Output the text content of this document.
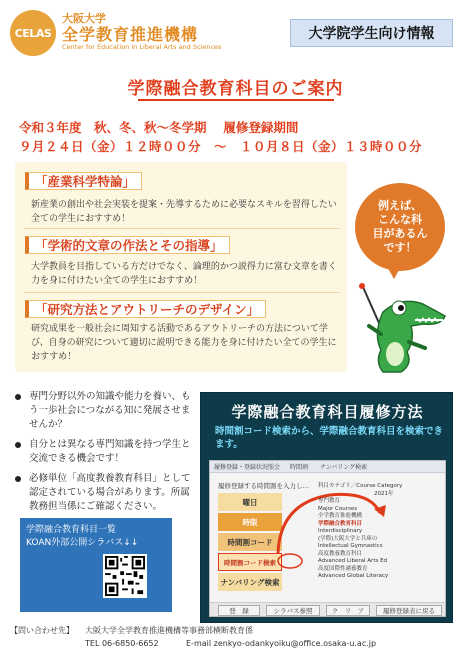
CELAS
大阪大学
全学教育推進機構
Center for Education in Liberal Arts and Sciences
大学院学生向け情報
学際融合教育科目のご案内
令和３年度　秋、冬、秋〜冬学期　 履修登録期間
９月２４日（金）１２時００分　〜　１０月８日（金）１３時００分
「産業科学特論」
新産業の創出や社会実装を提案・先導するために必要なスキルを習得したい全ての学生におすすめ！
「学術的文章の作法とその指導」
大学教員を目指している方だけでなく、論理的かつ説得力に富む文章を書く力を身に付けたい全ての学生におすすめ！
「研究方法とアウトリーチのデザイン」
研究成果を一般社会に周知する活動であるアウトリーチの方法について学び、自身の研究について適切に説明できる能力を身に付けたい全ての学生におすすめ！
例えば、
こんな科
目があるん
です！
専門分野以外の知識や能力を養い、もう一歩社会につながる知に発展させませんか？
自分とは異なる専門知識を持つ学生と交流できる機会です！
必修単位「高度教養教育科目」として認定されている場合があります。所属教務担当係にご確認ください。
学際融合教育科目一覧
KOAN外部公開シラバス↓↓
学際融合教育科目履修方法
時間割コード検索から、学際融合教育科目を検索できます。
履修登録・登録状況照会 時間割 ナンバリング検索
履修登録する時間割を入力し…
曜日
時限
時間割コード
時間割コード検索
ナンバリング検索
科目カテゴリ／Course Category
2021年
専門教育
Major Courses
全学教育推進機構
学際融合教育科目
Interdisciplinary
(学際)大阪大学と兵庫の
Intellectual Gymnastics
高度教養教育科目
Advanced Liberal Arts Ed
高度国際性涵養教育
Advanced Global Literacy
登　録	シラバス参照	ク　リ　ア	履修登録表に戻る
【問い合わせ先】 大阪大学全学教育推進機構等事務部横断教育係
TEL 06-6850-6652	E-mail zenkyo-odankyoiku@office.osaka-u.ac.jp
